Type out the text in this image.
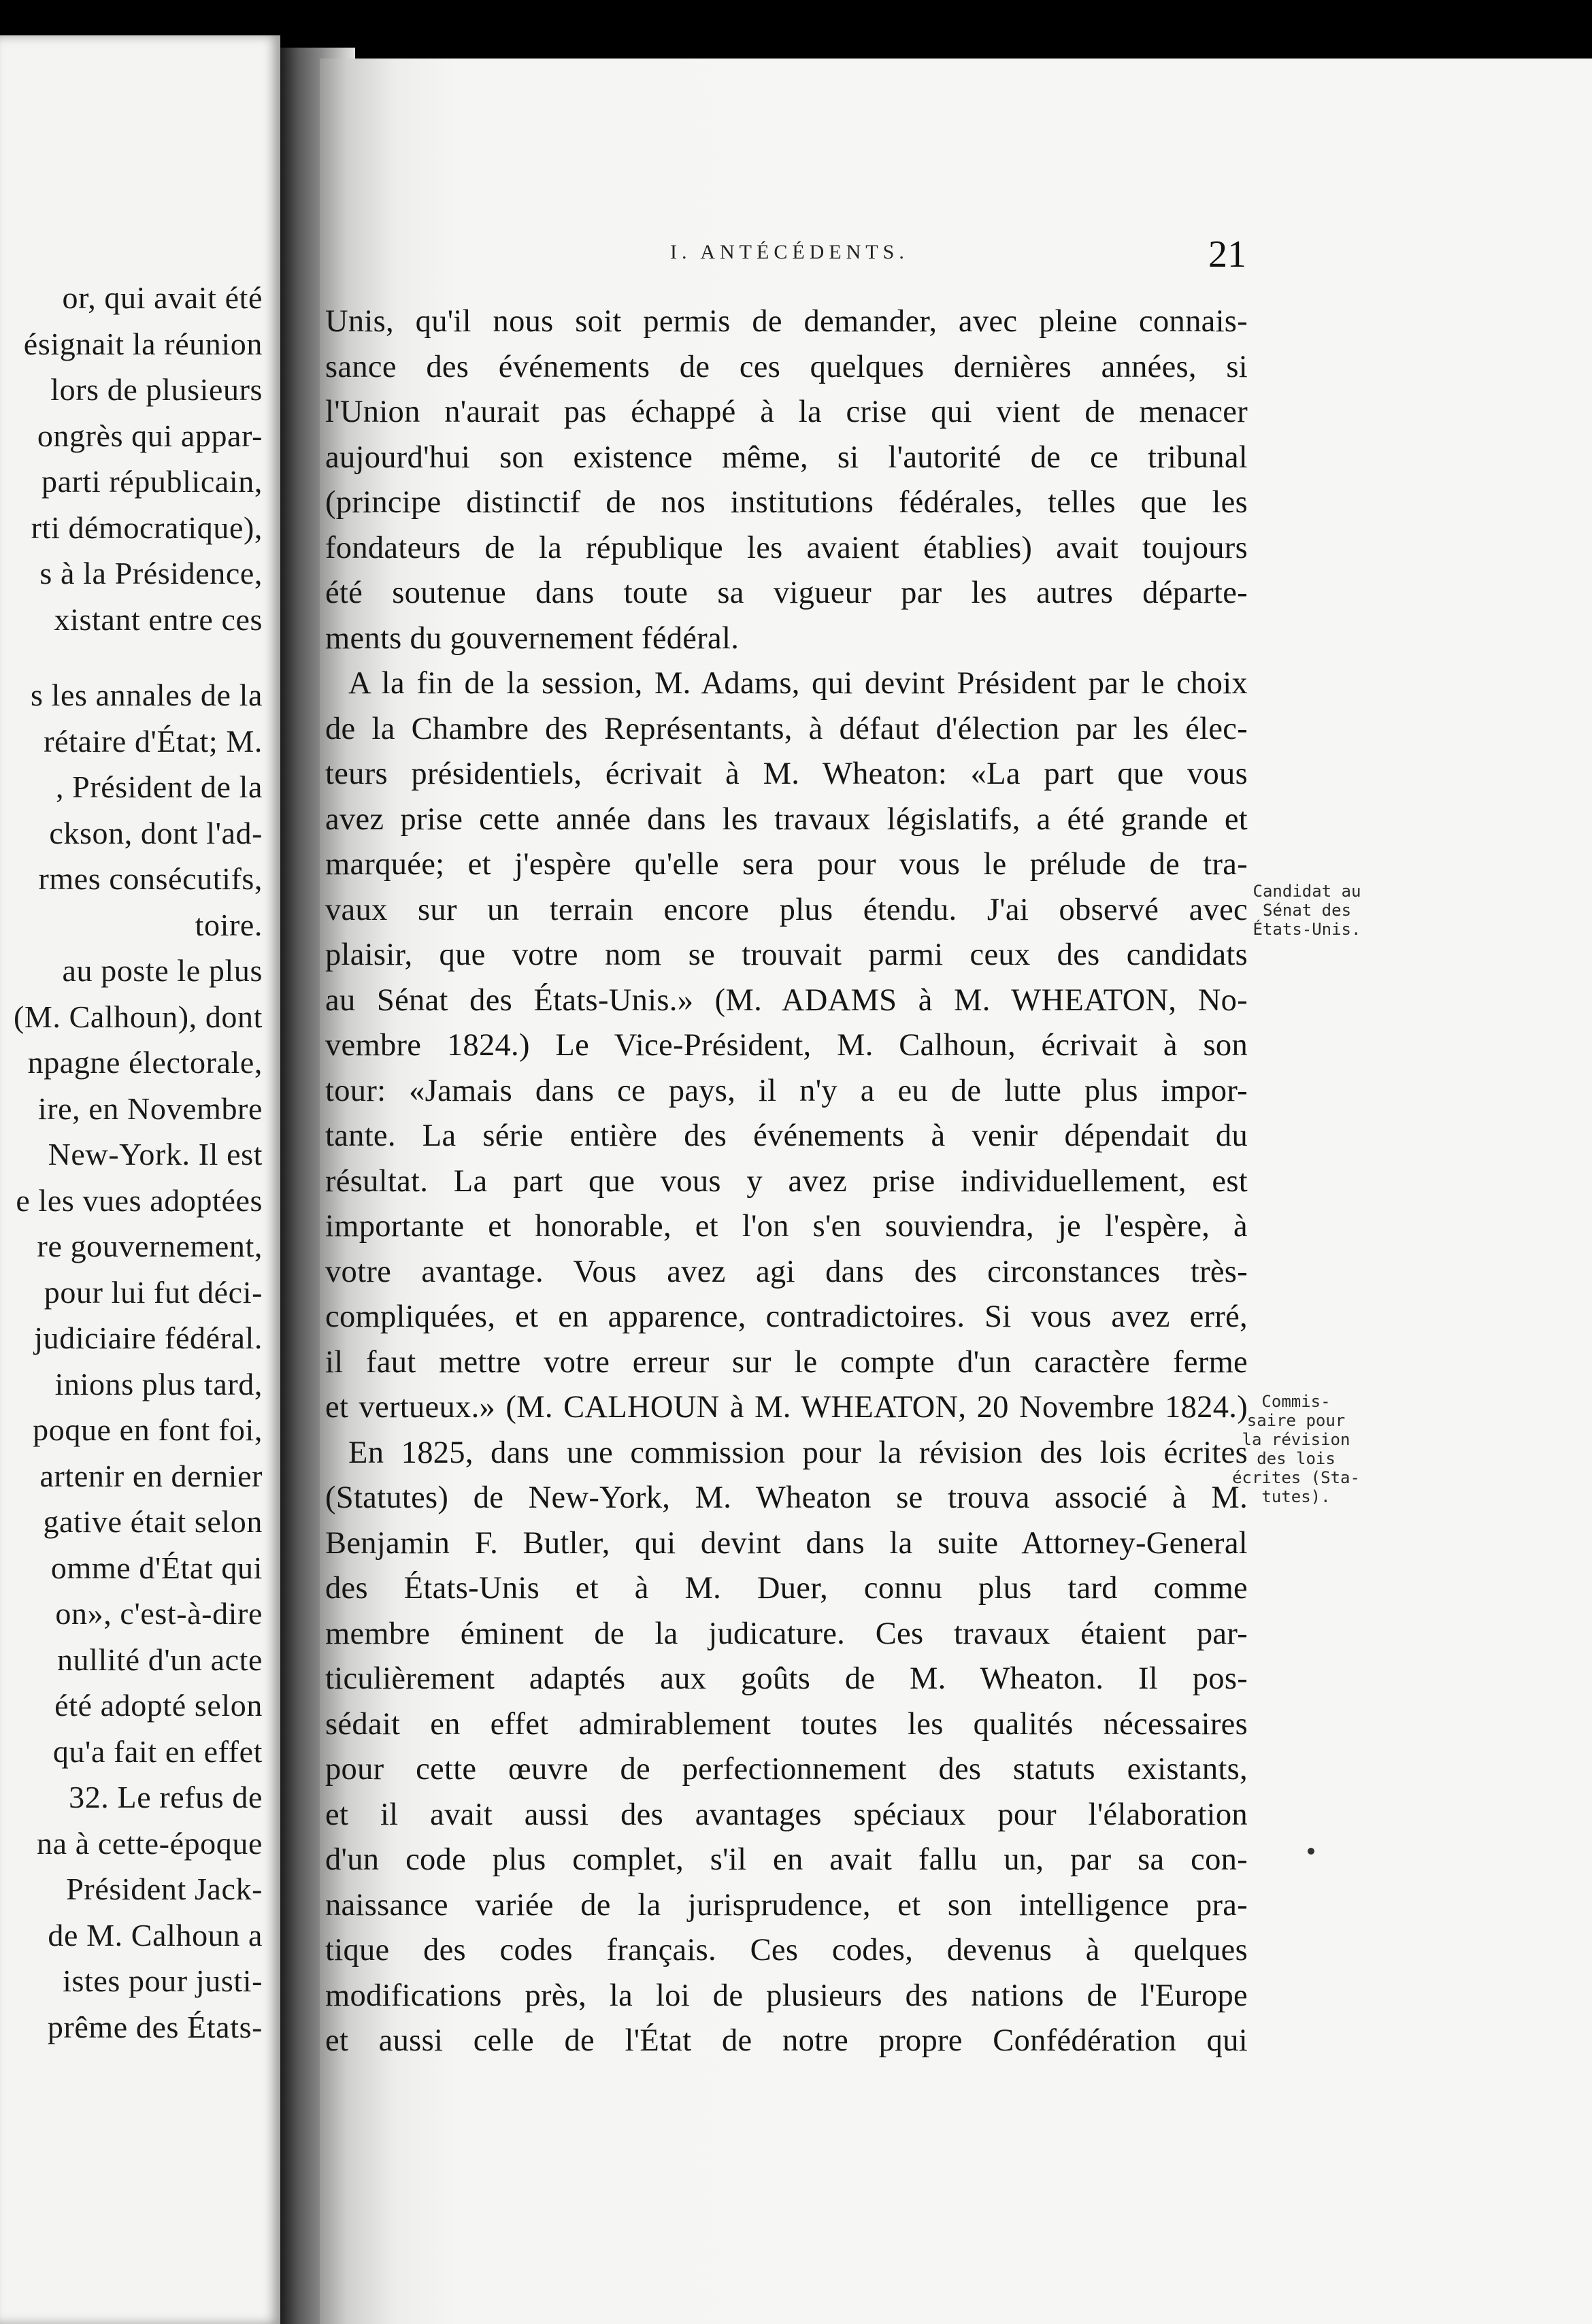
or, qui avait été
ésignait la réunion
lors de plusieurs
ongrès qui appar-
parti républicain,
rti démocratique),
s à la Présidence,
xistant entre ces
s les annales de la
rétaire d'État; M.
, Président de la
ckson, dont l'ad-
rmes consécutifs,
toire.
au poste le plus
(M. Calhoun), dont
npagne électorale,
ire, en Novembre
New-York. Il est
e les vues adoptées
re gouvernement,
pour lui fut déci-
judiciaire fédéral.
inions plus tard,
poque en font foi,
artenir en dernier
gative était selon
omme d'État qui
on», c'est-à-dire
nullité d'un acte
été adopté selon
qu'a fait en effet
32. Le refus de
na à cette-époque
Président Jack-
de M. Calhoun a
istes pour justi-
prême des États-
I. ANTÉCÉDENTS.	21
Unis, qu'il nous soit permis de demander, avec pleine connais-
sance des événements de ces quelques dernières années, si
l'Union n'aurait pas échappé à la crise qui vient de menacer
aujourd'hui son existence même, si l'autorité de ce tribunal
(principe distinctif de nos institutions fédérales, telles que les
fondateurs de la république les avaient établies) avait toujours
été soutenue dans toute sa vigueur par les autres départe-
ments du gouvernement fédéral.
A la fin de la session, M. Adams, qui devint Président par le choix
de la Chambre des Représentants, à défaut d'élection par les élec-
teurs présidentiels, écrivait à M. Wheaton: «La part que vous
avez prise cette année dans les travaux législatifs, a été grande et
marquée; et j'espère qu'elle sera pour vous le prélude de tra-
vaux sur un terrain encore plus étendu. J'ai observé avec
plaisir, que votre nom se trouvait parmi ceux des candidats
au Sénat des États-Unis.» (M. ADAMS à M. WHEATON, No-
vembre 1824.) Le Vice-Président, M. Calhoun, écrivait à son
tour: «Jamais dans ce pays, il n'y a eu de lutte plus impor-
tante. La série entière des événements à venir dépendait du
résultat. La part que vous y avez prise individuellement, est
importante et honorable, et l'on s'en souviendra, je l'espère, à
votre avantage. Vous avez agi dans des circonstances très-
compliquées, et en apparence, contradictoires. Si vous avez erré,
il faut mettre votre erreur sur le compte d'un caractère ferme
et vertueux.» (M. CALHOUN à M. WHEATON, 20 Novembre 1824.)
En 1825, dans une commission pour la révision des lois écrites
(Statutes) de New-York, M. Wheaton se trouva associé à M.
Benjamin F. Butler, qui devint dans la suite Attorney-General
des États-Unis et à M. Duer, connu plus tard comme
membre éminent de la judicature. Ces travaux étaient par-
ticulièrement adaptés aux goûts de M. Wheaton. Il pos-
sédait en effet admirablement toutes les qualités nécessaires
pour cette œuvre de perfectionnement des statuts existants,
et il avait aussi des avantages spéciaux pour l'élaboration
d'un code plus complet, s'il en avait fallu un, par sa con-
naissance variée de la jurisprudence, et son intelligence pra-
tique des codes français. Ces codes, devenus à quelques
modifications près, la loi de plusieurs des nations de l'Europe
et aussi celle de l'État de notre propre Confédération qui
Candidat au
Sénat des
États-Unis.
Commis-
saire pour
la révision
des lois
écrites (Sta-
tutes).
